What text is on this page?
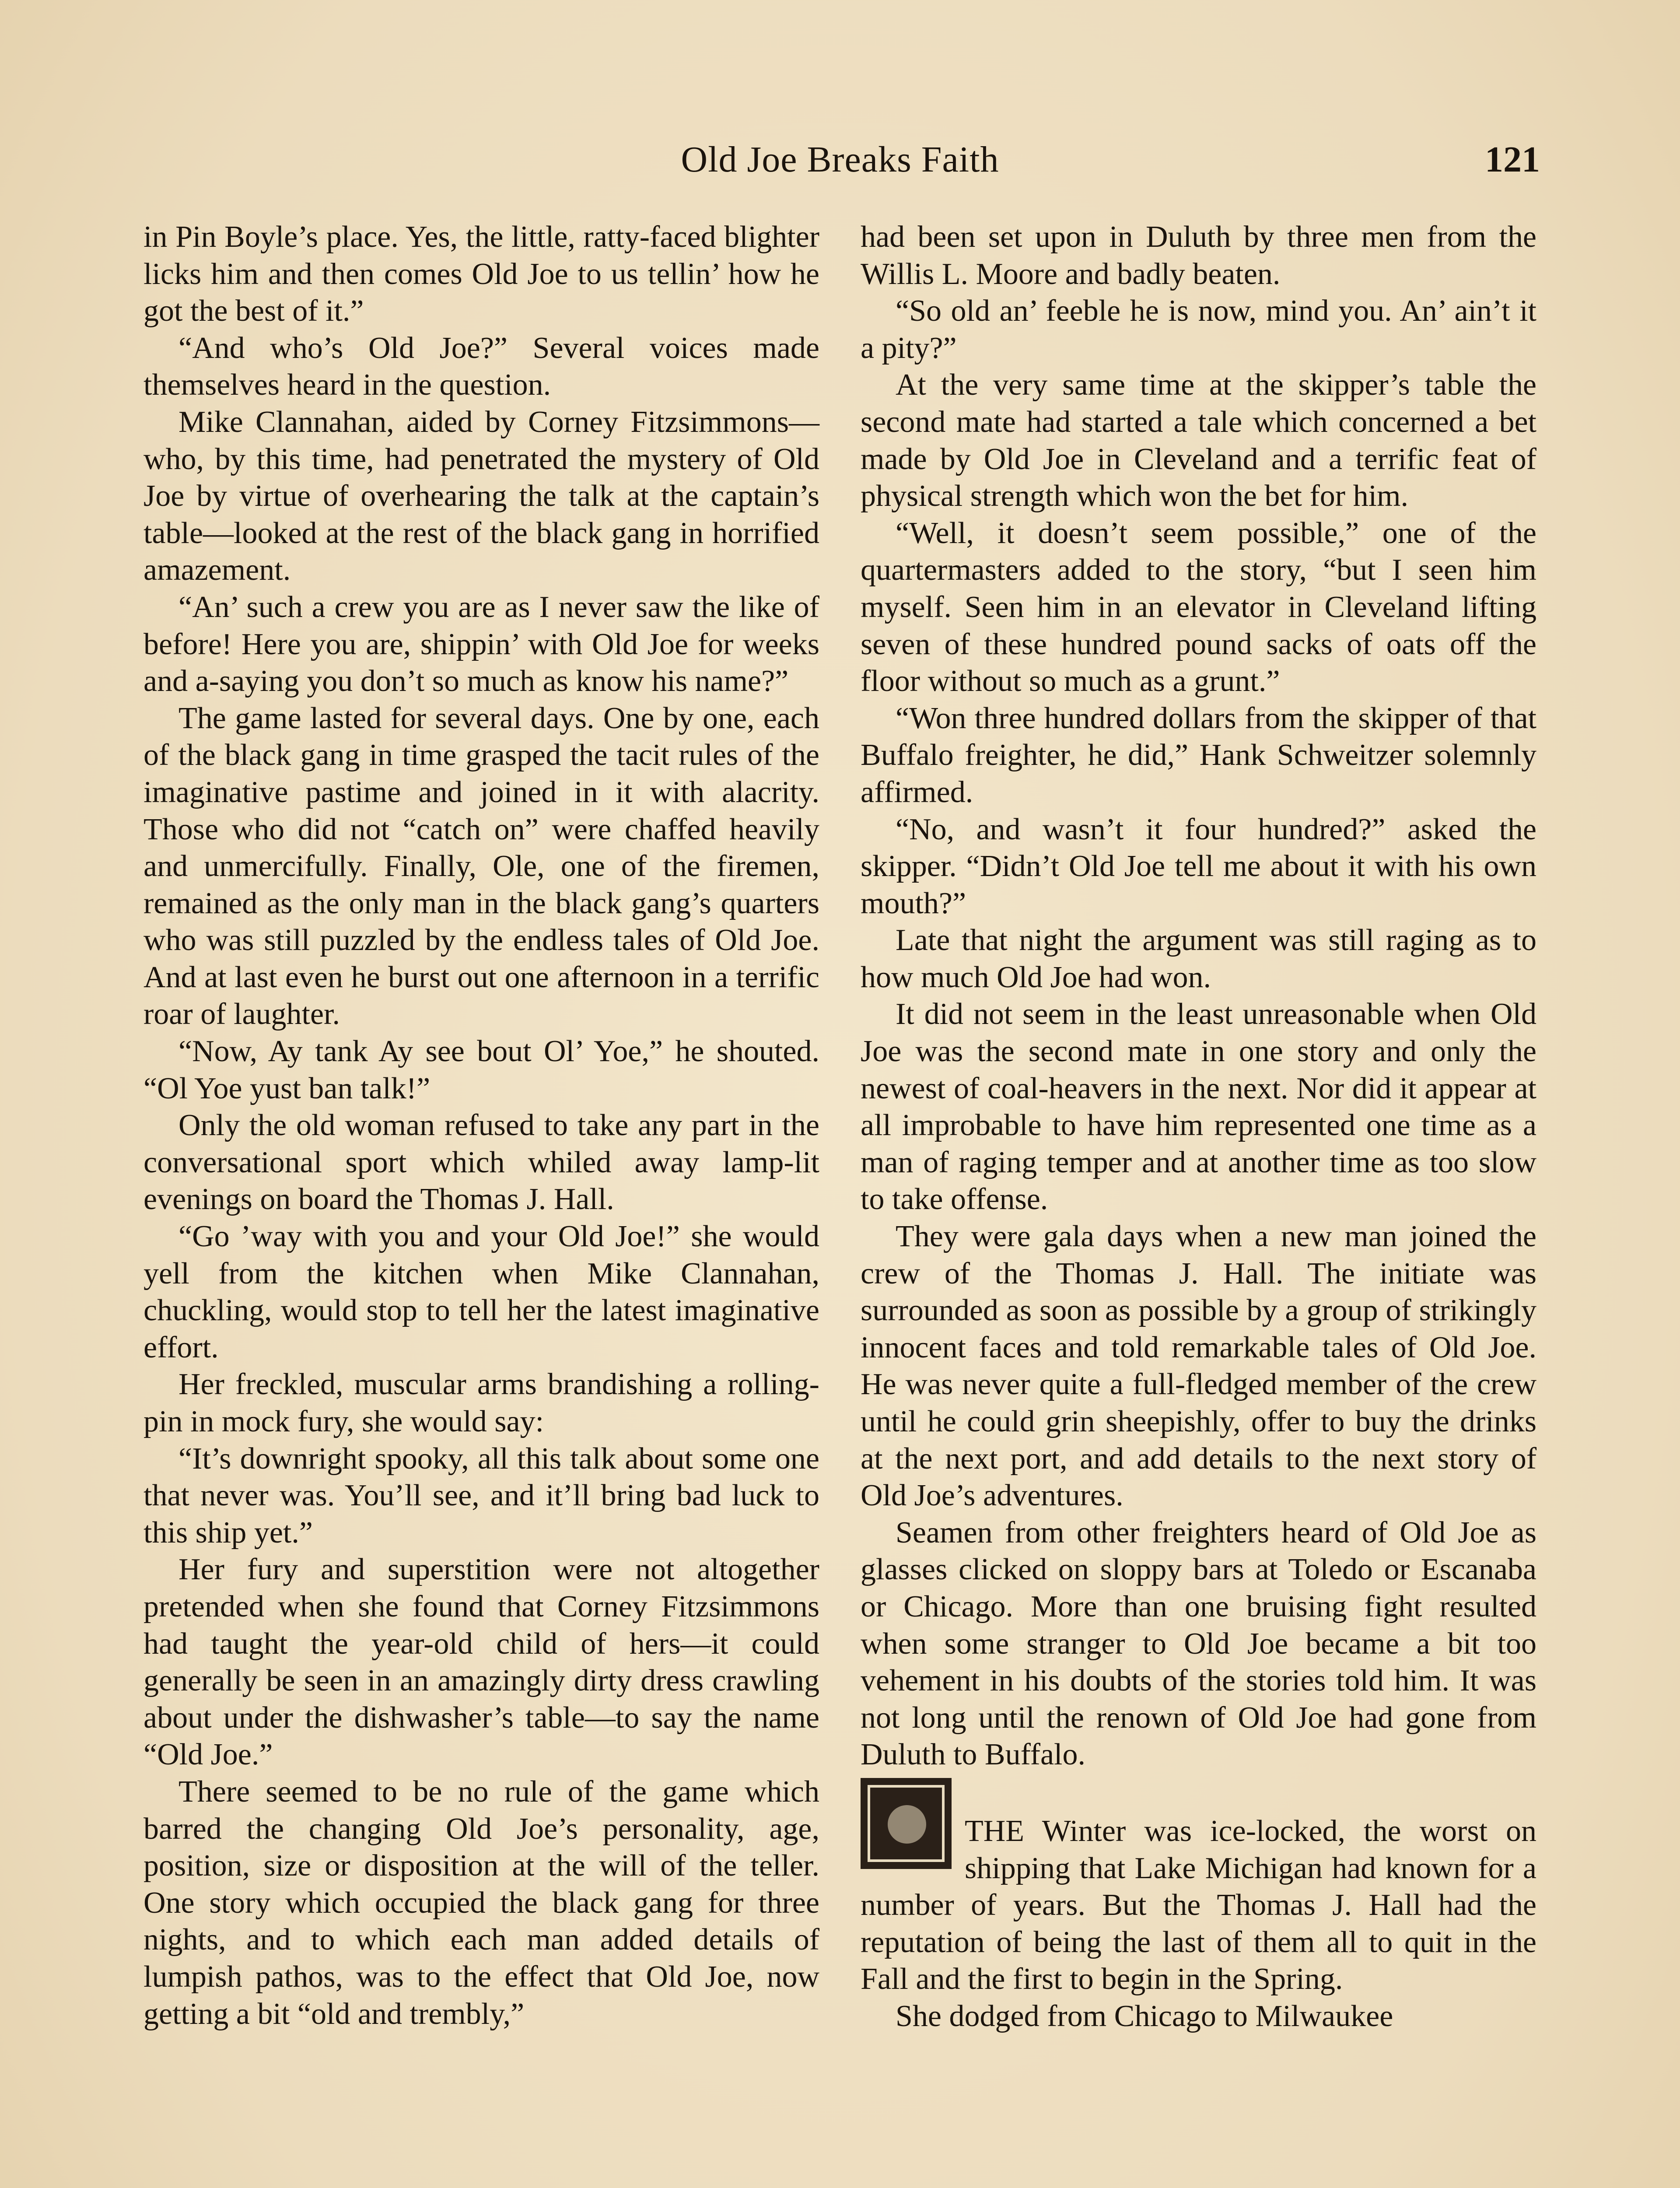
Old Joe Breaks Faith	121

in Pin Boyle’s place. Yes, the little, ratty-faced blighter licks him and then comes Old Joe to us tellin’ how he got the best of it.”

“And who’s Old Joe?” Several voices made themselves heard in the question.

Mike Clannahan, aided by Corney Fitzsimmons—who, by this time, had penetrated the mystery of Old Joe by virtue of overhearing the talk at the captain’s table—looked at the rest of the black gang in horrified amazement.

“An’ such a crew you are as I never saw the like of before! Here you are, shippin’ with Old Joe for weeks and a-saying you don’t so much as know his name?”

The game lasted for several days. One by one, each of the black gang in time grasped the tacit rules of the imaginative pastime and joined in it with alacrity. Those who did not “catch on” were chaffed heavily and unmercifully. Finally, Ole, one of the firemen, remained as the only man in the black gang’s quarters who was still puzzled by the endless tales of Old Joe. And at last even he burst out one afternoon in a terrific roar of laughter.

“Now, Ay tank Ay see bout Ol’ Yoe,” he shouted. “Ol Yoe yust ban talk!”

Only the old woman refused to take any part in the conversational sport which whiled away lamp-lit evenings on board the Thomas J. Hall.

“Go ’way with you and your Old Joe!” she would yell from the kitchen when Mike Clannahan, chuckling, would stop to tell her the latest imaginative effort.

Her freckled, muscular arms brandishing a rolling-pin in mock fury, she would say:

“It’s downright spooky, all this talk about some one that never was. You’ll see, and it’ll bring bad luck to this ship yet.”

Her fury and superstition were not altogether pretended when she found that Corney Fitzsimmons had taught the year-old child of hers—it could generally be seen in an amazingly dirty dress crawling about under the dishwasher’s table—to say the name “Old Joe.”

There seemed to be no rule of the game which barred the changing Old Joe’s personality, age, position, size or disposition at the will of the teller. One story which occupied the black gang for three nights, and to which each man added details of lumpish pathos, was to the effect that Old Joe, now getting a bit “old and trembly,”

had been set upon in Duluth by three men from the Willis L. Moore and badly beaten.

“So old an’ feeble he is now, mind you. An’ ain’t it a pity?”

At the very same time at the skipper’s table the second mate had started a tale which concerned a bet made by Old Joe in Cleveland and a terrific feat of physical strength which won the bet for him.

“Well, it doesn’t seem possible,” one of the quartermasters added to the story, “but I seen him myself. Seen him in an elevator in Cleveland lifting seven of these hundred pound sacks of oats off the floor without so much as a grunt.”

“Won three hundred dollars from the skipper of that Buffalo freighter, he did,” Hank Schweitzer solemnly affirmed.

“No, and wasn’t it four hundred?” asked the skipper. “Didn’t Old Joe tell me about it with his own mouth?”

Late that night the argument was still raging as to how much Old Joe had won.

It did not seem in the least unreasonable when Old Joe was the second mate in one story and only the newest of coal-heavers in the next. Nor did it appear at all improbable to have him represented one time as a man of raging temper and at another time as too slow to take offense.

They were gala days when a new man joined the crew of the Thomas J. Hall. The initiate was surrounded as soon as possible by a group of strikingly innocent faces and told remarkable tales of Old Joe. He was never quite a full-fledged member of the crew until he could grin sheepishly, offer to buy the drinks at the next port, and add details to the next story of Old Joe’s adventures.

Seamen from other freighters heard of Old Joe as glasses clicked on sloppy bars at Toledo or Escanaba or Chicago. More than one bruising fight resulted when some stranger to Old Joe became a bit too vehement in his doubts of the stories told him. It was not long until the renown of Old Joe had gone from Duluth to Buffalo.

THE Winter was ice-locked, the worst on shipping that Lake Michigan had known for a number of years. But the Thomas J. Hall had the reputation of being the last of them all to quit in the Fall and the first to begin in the Spring.

She dodged from Chicago to Milwaukee
